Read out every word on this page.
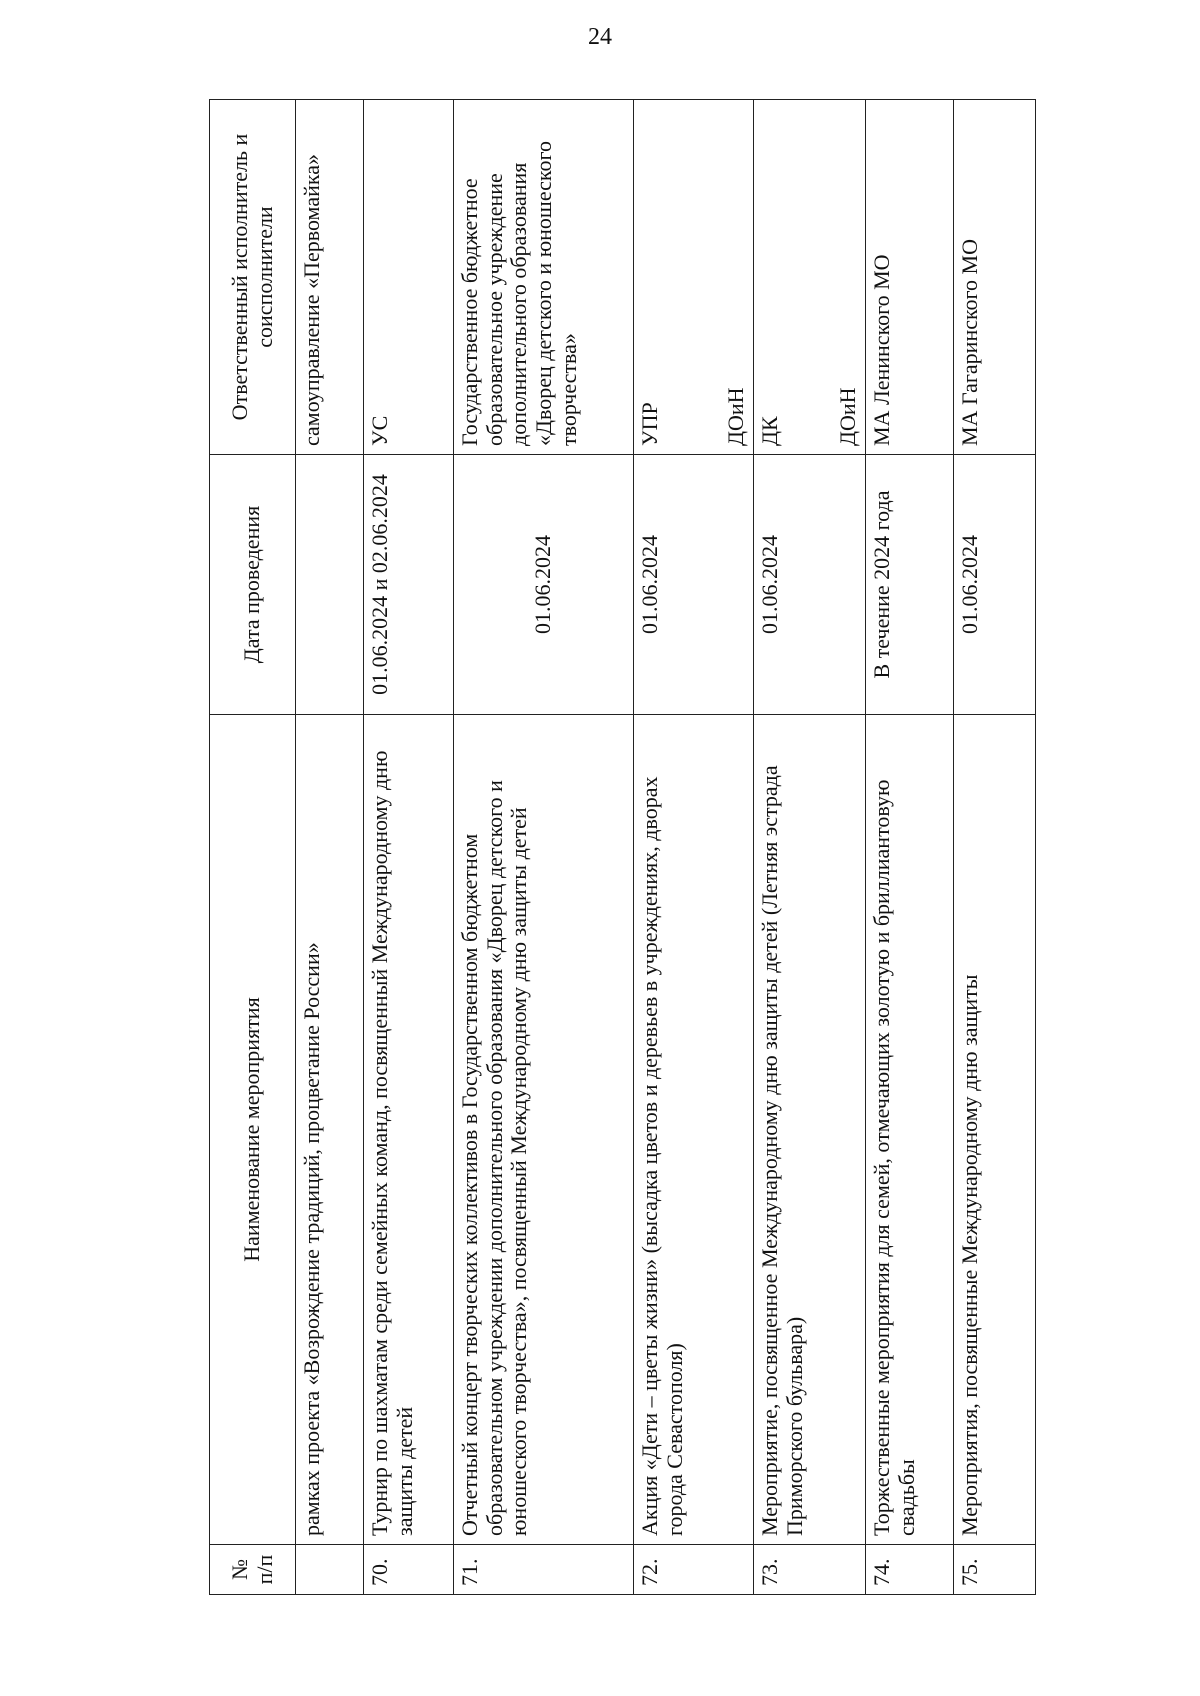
24
№ п/п	Наименование мероприятия	Дата проведения	Ответственный исполнитель и соисполнители
	рамках проекта «Возрождение традиций, процветание России»		самоуправление «Первомайка»
70.	Турнир по шахматам среди семейных команд, посвященный Международному дню защиты детей	01.06.2024 и 02.06.2024	УС
71.	Отчетный концерт творческих коллективов в Государственном бюджетном образовательном учреждении дополнительного образования «Дворец детского и юношеского творчества», посвященный Международному дню защиты детей	01.06.2024	Государственное бюджетное образовательное учреждение дополнительного образования «Дворец детского и юношеского творчества»
72.	Акция «Дети – цветы жизни» (высадка цветов и деревьев в учреждениях, дворах города Севастополя)	01.06.2024	УПР ДОиН

73.	Мероприятие, посвященное Международному дню защиты детей (Летняя эстрада Приморского бульвара)	01.06.2024	ДК ДОиН

74.	Торжественные мероприятия для семей, отмечающих золотую и бриллиантовую свадьбы	В течение 2024 года	МА Ленинского МО
75.	Мероприятия, посвященные Международному дню защиты	01.06.2024	МА Гагаринского МО
